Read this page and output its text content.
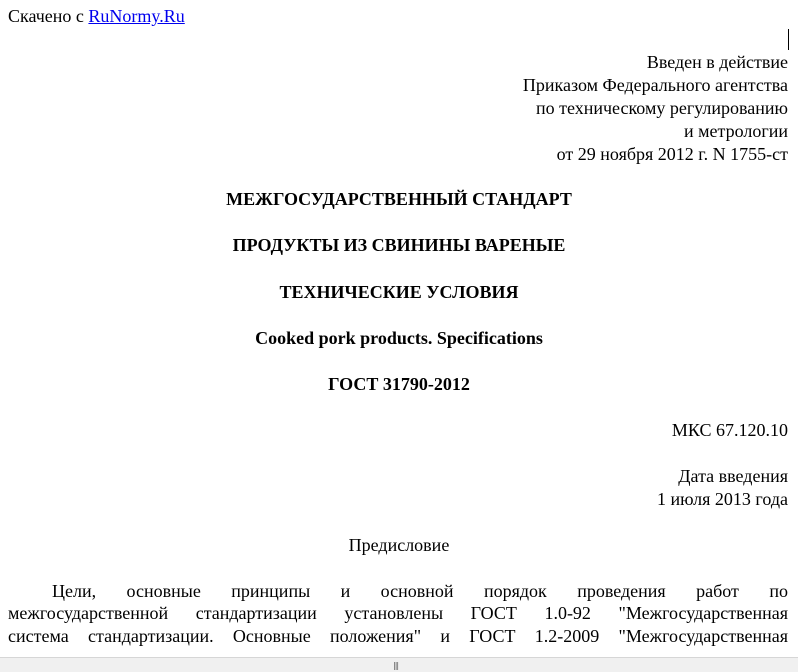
Скачено с RuNormy.Ru
Введен в действие
Приказом Федерального агентства
по техническому регулированию
и метрологии
от 29 ноября 2012 г. N 1755-ст
МЕЖГОСУДАРСТВЕННЫЙ СТАНДАРТ
ПРОДУКТЫ ИЗ СВИНИНЫ ВАРЕНЫЕ
ТЕХНИЧЕСКИЕ УСЛОВИЯ
Cooked pork products. Specifications
ГОСТ 31790-2012
МКС 67.120.10
Дата введения
1 июля 2013 года
Предисловие
Цели, основные принципы и основной порядок проведения работ по
межгосударственной стандартизации установлены ГОСТ 1.0-92 "Межгосударственная
система стандартизации. Основные положения" и ГОСТ 1.2-2009 "Межгосударственная
|||
